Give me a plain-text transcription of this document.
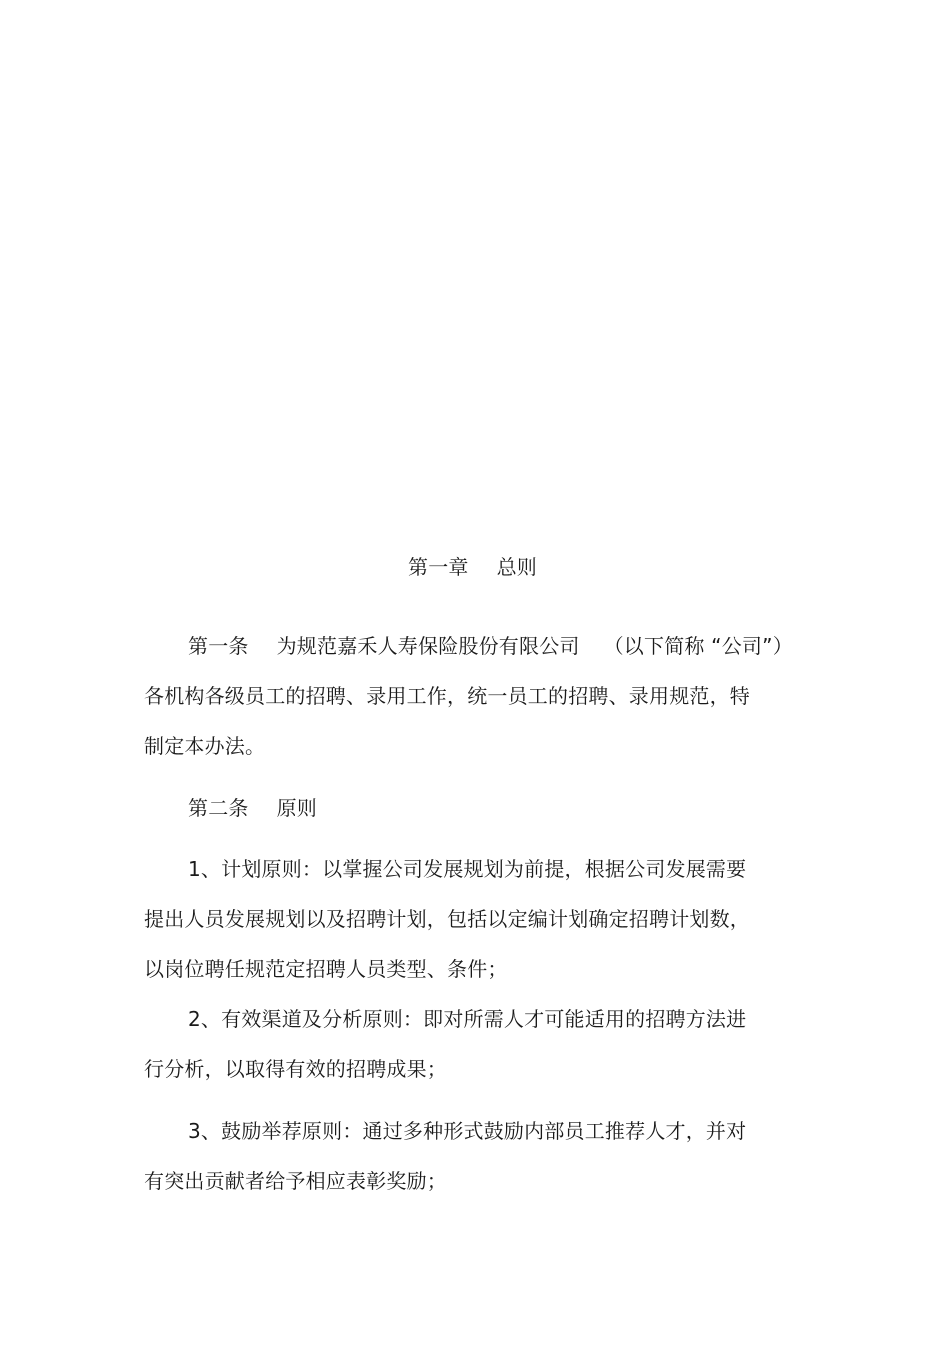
第一章 总则
第一条 为规范嘉禾人寿保险股份有限公司 （以下简称 “公司”）
各机构各级员工的招聘、录用工作，统一员工的招聘、录用规范，特
制定本办法。
第二条 原则
1、计划原则：以掌握公司发展规划为前提，根据公司发展需要
提出人员发展规划以及招聘计划，包括以定编计划确定招聘计划数，
以岗位聘任规范定招聘人员类型、条件；
2、有效渠道及分析原则：即对所需人才可能适用的招聘方法进
行分析，以取得有效的招聘成果；
3、鼓励举荐原则：通过多种形式鼓励内部员工推荐人才，并对
有突出贡献者给予相应表彰奖励；
